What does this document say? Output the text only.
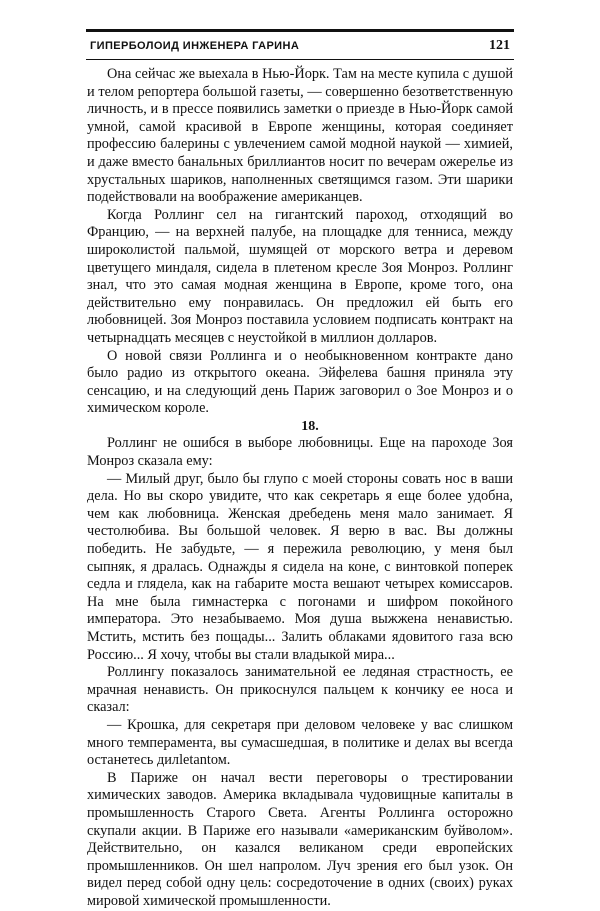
ГИПЕРБОЛОИД ИНЖЕНЕРА ГАРИНА	121

Она сейчас же выехала в Нью-Йорк. Там на месте купила с душой и телом репортера большой газеты, — совершенно безответственную личность, и в прессе появились заметки о приезде в Нью-Йорк самой умной, самой красивой в Европе женщины, которая соединяет профессию балерины с увлечением самой модной наукой — химией, и даже вместо банальных бриллиантов носит по вечерам ожерелье из хрустальных шариков, наполненных светящимся газом. Эти шарики подействовали на воображение американцев.

Когда Роллинг сел на гигантский пароход, отходящий во Францию, — на верхней палубе, на площадке для тенниса, между широколистой пальмой, шумящей от морского ветра и деревом цветущего миндаля, сидела в плетеном кресле Зоя Монроз. Роллинг знал, что это самая модная женщина в Европе, кроме того, она действительно ему понравилась. Он предложил ей быть его любовницей. Зоя Монроз поставила условием подписать контракт на четырнадцать месяцев с неустойкой в миллион долларов.

О новой связи Роллинга и о необыкновенном контракте дано было радио из открытого океана. Эйфелева башня приняла эту сенсацию, и на следующий день Париж заговорил о Зое Монроз и о химическом короле.

18.

Роллинг не ошибся в выборе любовницы. Еще на пароходе Зоя Монроз сказала ему:

— Милый друг, было бы глупо с моей стороны совать нос в ваши дела. Но вы скоро увидите, что как секретарь я еще более удобна, чем как любовница. Женская дребедень меня мало занимает. Я честолюбива. Вы большой человек. Я верю в вас. Вы должны победить. Не забудьте, — я пережила революцию, у меня был сыпняк, я дралась. Однажды я сидела на коне, с винтовкой поперек седла и глядела, как на габарите моста вешают четырех комиссаров. На мне была гимнастерка с погонами и шифром покойного императора. Это незабываемо. Моя душа выжжена ненавистью. Мстить, мстить без пощады... Залить облаками ядовитого газа всю Россию... Я хочу, чтобы вы стали владыкой мира...

Роллингу показалось занимательной ее ледяная страстность, ее мрачная ненависть. Он прикоснулся пальцем к кончику ее носа и сказал:

— Крошка, для секретаря при деловом человеке у вас слишком много темперамента, вы сумасшедшая, в политике и делах вы всегда останетесь дилletantом.

В Париже он начал вести переговоры о трестировании химических заводов. Америка вкладывала чудовищные капиталы в промышленность Старого Света. Агенты Роллинга осторожно скупали акции. В Париже его называли «американским буйволом». Действительно, он казался великаном среди европейских промышленников. Он шел напролом. Луч зрения его был узок. Он видел перед собой одну цель: сосредоточение в одних (своих) руках мировой химической промышленности.
